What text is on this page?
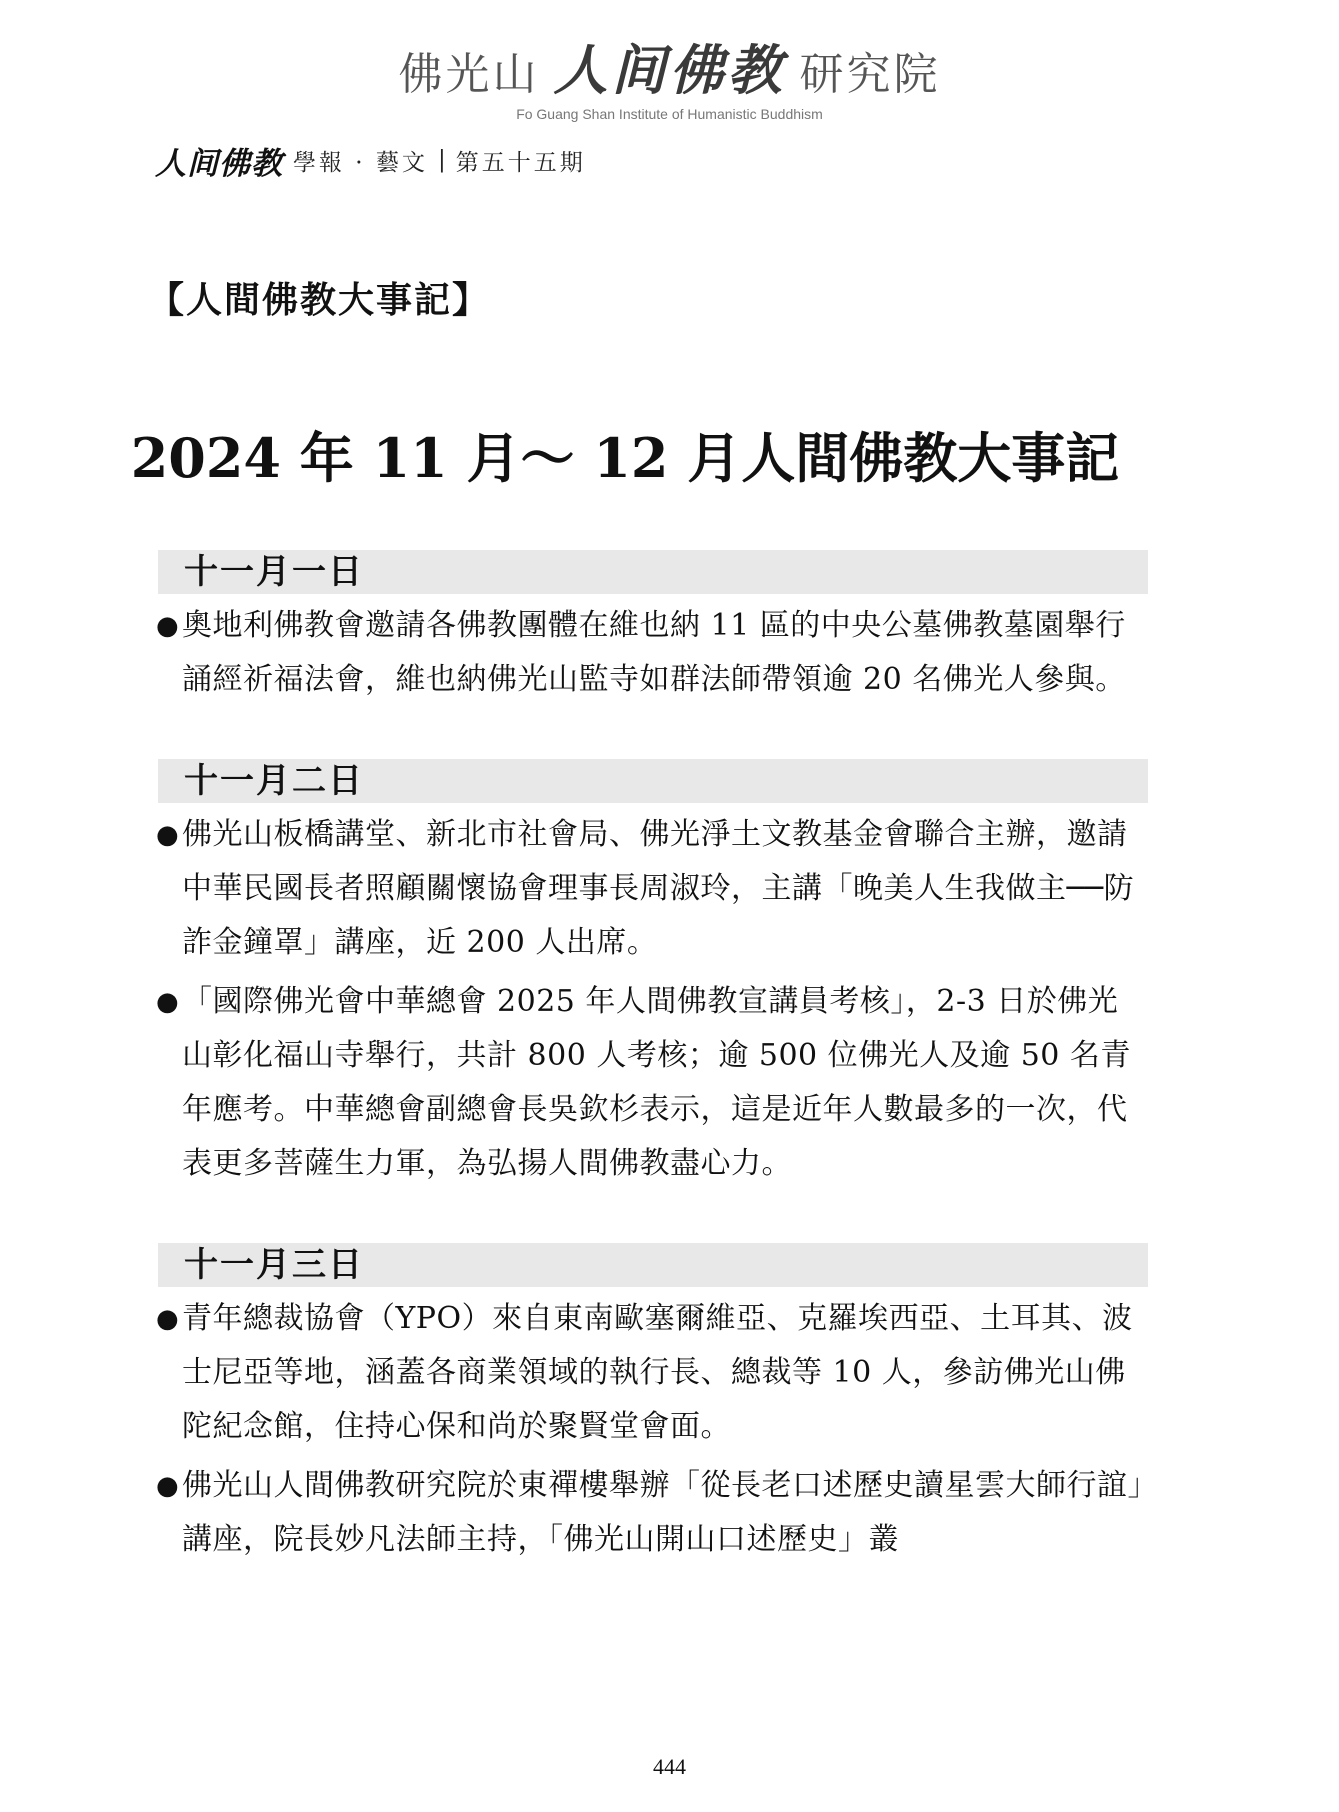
佛光山 人间佛教 研究院
Fo Guang Shan Institute of Humanistic Buddhism
人间佛教 學報 · 藝文 | 第五十五期
【人間佛教大事記】
2024 年 11 月～ 12 月人間佛教大事記
十一月一日
● 奧地利佛教會邀請各佛教團體在維也納 11 區的中央公墓佛教墓園舉行誦經祈福法會，維也納佛光山監寺如群法師帶領逾 20 名佛光人參與。
十一月二日
● 佛光山板橋講堂、新北市社會局、佛光淨土文教基金會聯合主辦，邀請中華民國長者照顧關懷協會理事長周淑玲，主講「晚美人生我做主──防詐金鐘罩」講座，近 200 人出席。
● 「國際佛光會中華總會 2025 年人間佛教宣講員考核」，2-3 日於佛光山彰化福山寺舉行，共計 800 人考核；逾 500 位佛光人及逾 50 名青年應考。中華總會副總會長吳欽杉表示，這是近年人數最多的一次，代表更多菩薩生力軍，為弘揚人間佛教盡心力。
十一月三日
● 青年總裁協會（YPO）來自東南歐塞爾維亞、克羅埃西亞、土耳其、波士尼亞等地，涵蓋各商業領域的執行長、總裁等 10 人，參訪佛光山佛陀紀念館，住持心保和尚於聚賢堂會面。
● 佛光山人間佛教研究院於東禪樓舉辦「從長老口述歷史讀星雲大師行誼」講座，院長妙凡法師主持，「佛光山開山口述歷史」叢
444
